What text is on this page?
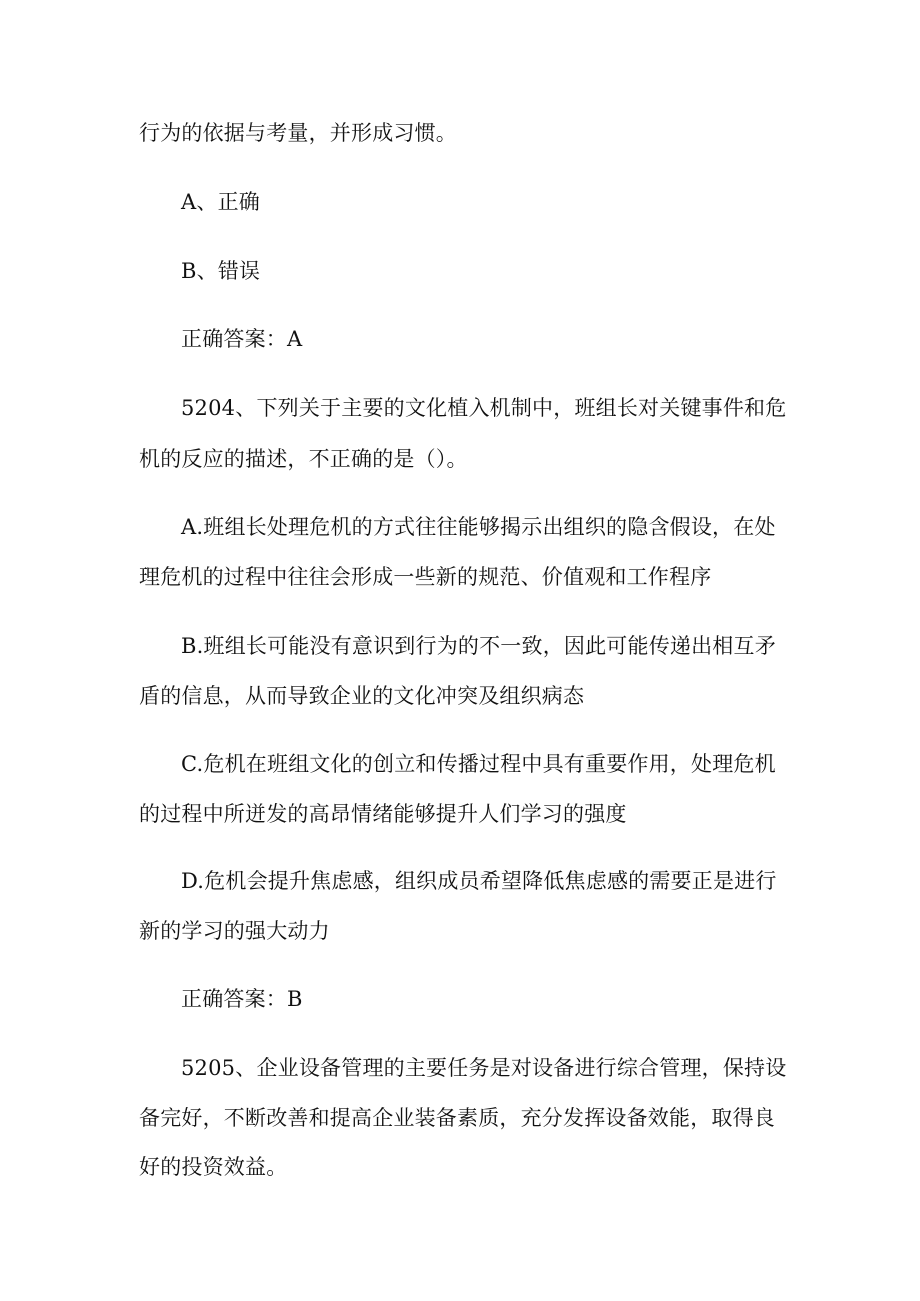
行为的依据与考量，并形成习惯。
A、正确
B、错误
正确答案：A
5204、下列关于主要的文化植入机制中，班组长对关键事件和危
机的反应的描述，不正确的是（）。
A.班组长处理危机的方式往往能够揭示出组织的隐含假设，在处
理危机的过程中往往会形成一些新的规范、价值观和工作程序
B.班组长可能没有意识到行为的不一致，因此可能传递出相互矛
盾的信息，从而导致企业的文化冲突及组织病态
C.危机在班组文化的创立和传播过程中具有重要作用，处理危机
的过程中所迸发的高昂情绪能够提升人们学习的强度
D.危机会提升焦虑感，组织成员希望降低焦虑感的需要正是进行
新的学习的强大动力
正确答案：B
5205、企业设备管理的主要任务是对设备进行综合管理，保持设
备完好，不断改善和提高企业装备素质，充分发挥设备效能，取得良
好的投资效益。
